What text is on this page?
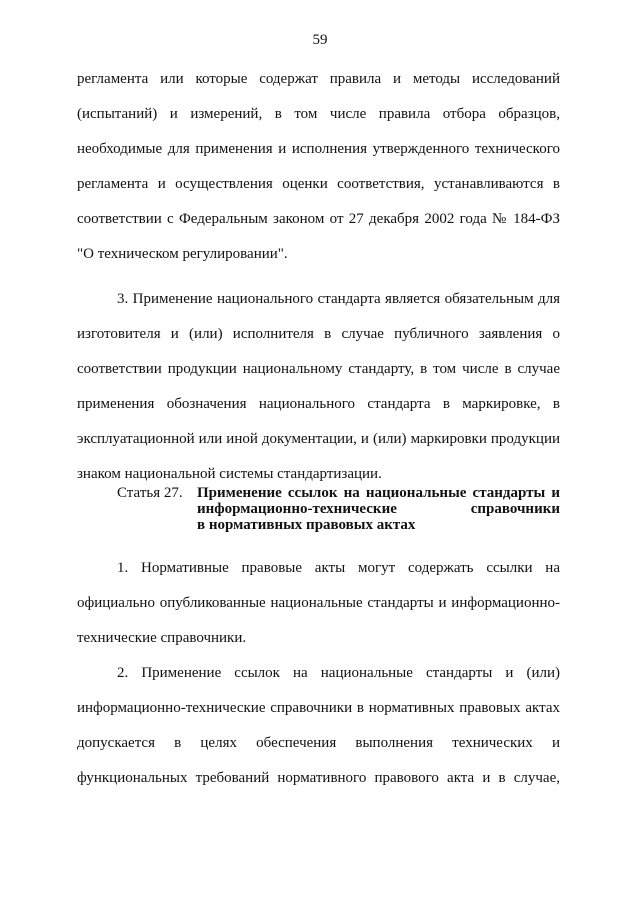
59
регламента или которые содержат правила и методы исследований
(испытаний) и измерений, в том числе правила отбора образцов,
необходимые для применения и исполнения утвержденного технического
регламента и осуществления оценки соответствия, устанавливаются в
соответствии с Федеральным законом от 27 декабря 2002 года № 184-ФЗ
"О техническом регулировании".
3. Применение национального стандарта является обязательным для
изготовителя и (или) исполнителя в случае публичного заявления о
соответствии продукции национальному стандарту, в том числе в случае
применения обозначения национального стандарта в маркировке, в
эксплуатационной или иной документации, и (или) маркировки продукции
знаком национальной системы стандартизации.
Статья 27. Применение ссылок на национальные стандарты и
информационно-технические справочники
в нормативных правовых актах
1. Нормативные правовые акты могут содержать ссылки на
официально опубликованные национальные стандарты и информационно-
технические справочники.
2. Применение ссылок на национальные стандарты и (или)
информационно-технические справочники в нормативных правовых актах
допускается в целях обеспечения выполнения технических и
функциональных требований нормативного правового акта и в случае,
